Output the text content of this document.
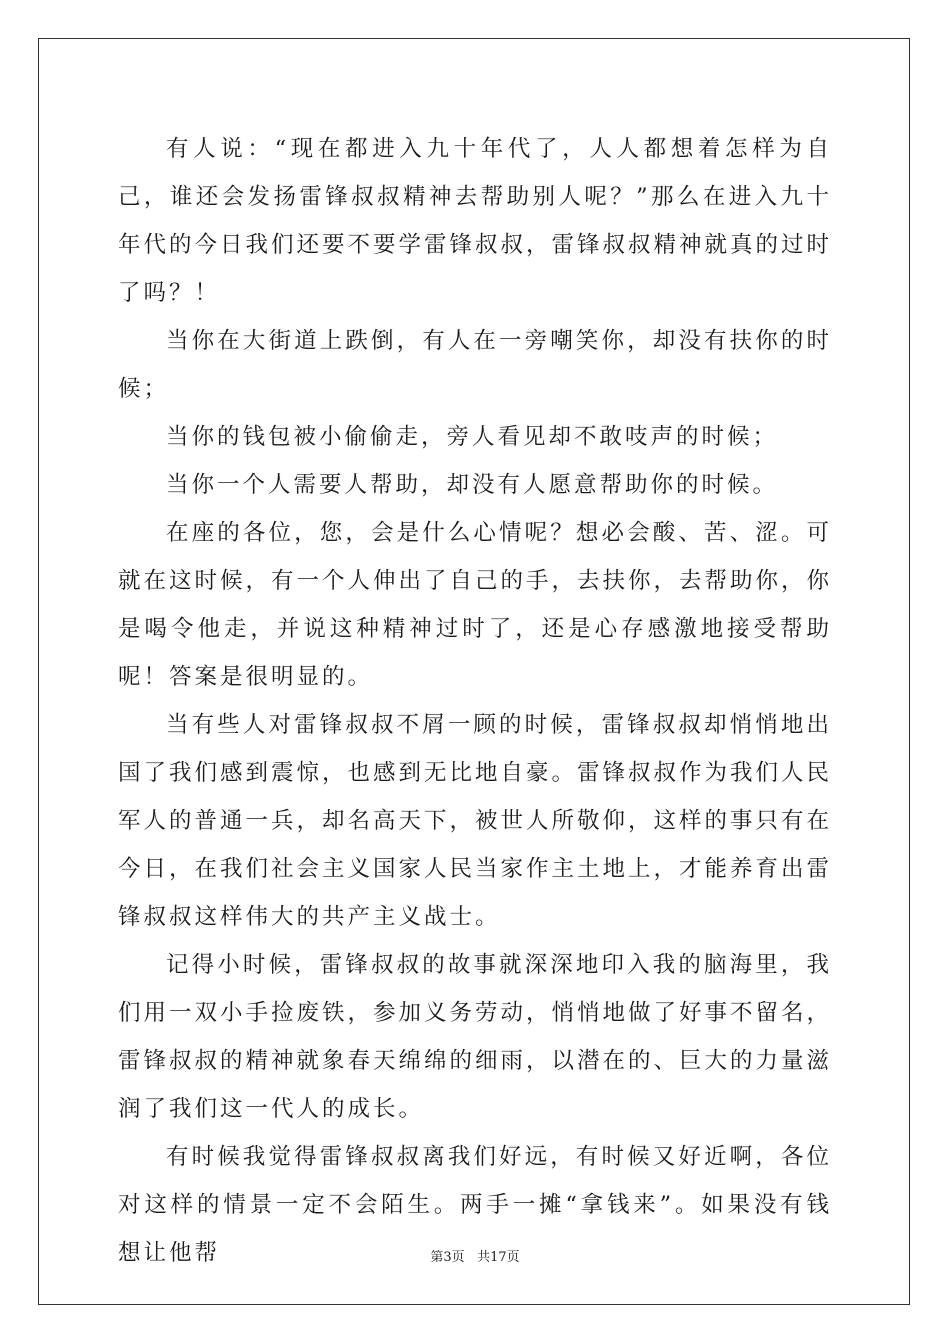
有人说：“现在都进入九十年代了，人人都想着怎样为自己，谁还会发扬雷锋叔叔精神去帮助别人呢？”那么在进入九十年代的今日我们还要不要学雷锋叔叔，雷锋叔叔精神就真的过时了吗？！

当你在大街道上跌倒，有人在一旁嘲笑你，却没有扶你的时候；

当你的钱包被小偷偷走，旁人看见却不敢吱声的时候；

当你一个人需要人帮助，却没有人愿意帮助你的时候。

在座的各位，您，会是什么心情呢？想必会酸、苦、涩。可就在这时候，有一个人伸出了自己的手，去扶你，去帮助你，你是喝令他走，并说这种精神过时了，还是心存感激地接受帮助呢！答案是很明显的。

当有些人对雷锋叔叔不屑一顾的时候，雷锋叔叔却悄悄地出国了我们感到震惊，也感到无比地自豪。雷锋叔叔作为我们人民军人的普通一兵，却名高天下，被世人所敬仰，这样的事只有在今日，在我们社会主义国家人民当家作主土地上，才能养育出雷锋叔叔这样伟大的共产主义战士。

记得小时候，雷锋叔叔的故事就深深地印入我的脑海里，我们用一双小手捡废铁，参加义务劳动，悄悄地做了好事不留名，雷锋叔叔的精神就象春天绵绵的细雨，以潜在的、巨大的力量滋润了我们这一代人的成长。

有时候我觉得雷锋叔叔离我们好远，有时候又好近啊，各位对这样的情景一定不会陌生。两手一摊“拿钱来”。如果没有钱想让他帮	第3页 共17页
